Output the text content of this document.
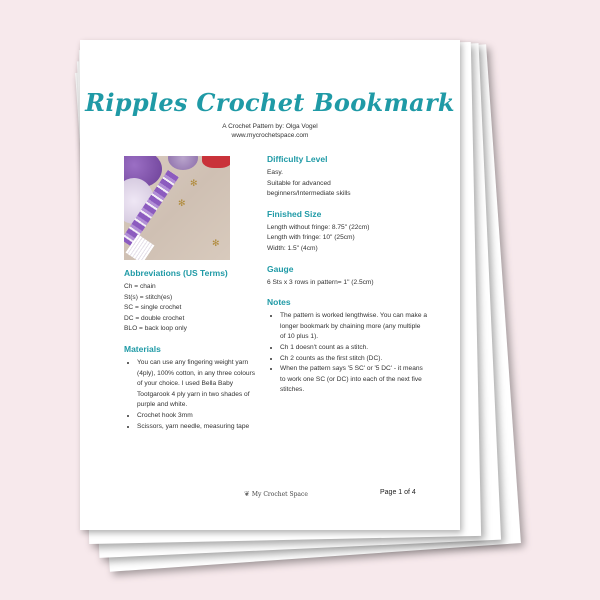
Ripples Crochet Bookmark
A Crochet Pattern by: Olga Vogel
www.mycrochetspace.com
✻
✻
✻
Difficulty Level

Easy.

Suitable for advanced

beginners/Intermediate skills

Finished Size

Length without fringe: 8.75" (22cm)

Length with fringe: 10" (25cm)

Width: 1.5" (4cm)

Gauge

6 Sts x 3 rows in pattern= 1" (2.5cm)

Notes
• The pattern is worked lengthwise. You can make a longer bookmark by chaining more (any multiple of 10 plus 1).
• Ch 1 doesn't count as a stitch.
• Ch 2 counts as the first stitch (DC).
• When the pattern says '5 SC' or '5 DC' - it means to work one SC (or DC) into each of the next five stitches.
Abbreviations (US Terms)

Ch = chain

St(s) = stitch(es)

SC = single crochet

DC = double crochet

BLO = back loop only

Materials
• You can use any fingering weight yarn (4ply), 100% cotton, in any three colours of your choice. I used Bella Baby Tootgarook 4 ply yarn in two shades of purple and white.
• Crochet hook 3mm
• Scissors, yarn needle, measuring tape
❦ My Crochet Space	Page 1 of 4
